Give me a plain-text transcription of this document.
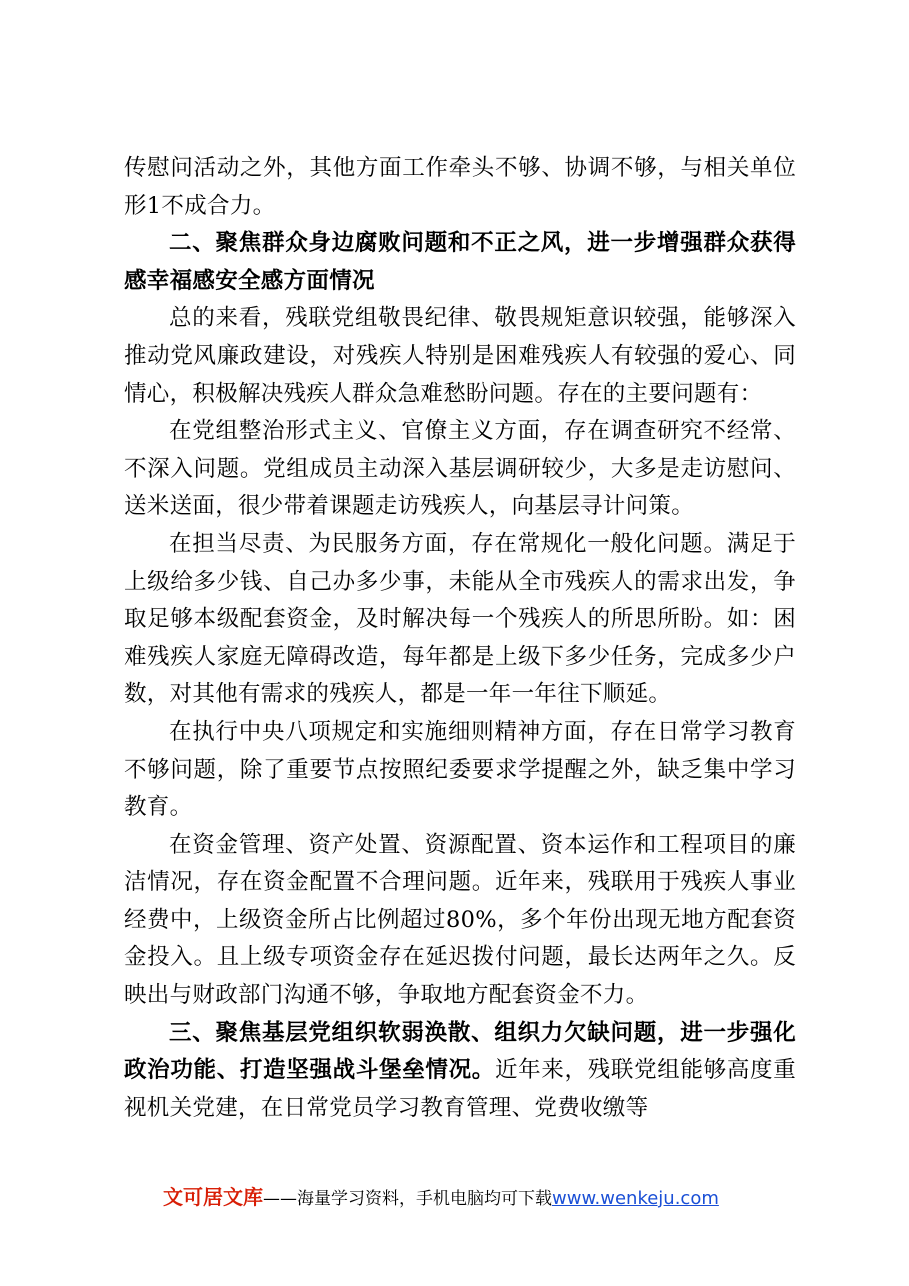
传慰问活动之外，其他方面工作牵头不够、协调不够，与相关单位形1不成合力。

二、聚焦群众身边腐败问题和不正之风，进一步增强群众获得感幸福感安全感方面情况

总的来看，残联党组敬畏纪律、敬畏规矩意识较强，能够深入推动党风廉政建设，对残疾人特别是困难残疾人有较强的爱心、同情心，积极解决残疾人群众急难愁盼问题。存在的主要问题有：

在党组整治形式主义、官僚主义方面，存在调查研究不经常、不深入问题。党组成员主动深入基层调研较少，大多是走访慰问、送米送面，很少带着课题走访残疾人，向基层寻计问策。

在担当尽责、为民服务方面，存在常规化一般化问题。满足于上级给多少钱、自己办多少事，未能从全市残疾人的需求出发，争取足够本级配套资金，及时解决每一个残疾人的所思所盼。如：困难残疾人家庭无障碍改造，每年都是上级下多少任务，完成多少户数，对其他有需求的残疾人，都是一年一年往下顺延。

在执行中央八项规定和实施细则精神方面，存在日常学习教育不够问题，除了重要节点按照纪委要求学提醒之外，缺乏集中学习教育。

在资金管理、资产处置、资源配置、资本运作和工程项目的廉洁情况，存在资金配置不合理问题。近年来，残联用于残疾人事业经费中，上级资金所占比例超过80%，多个年份出现无地方配套资金投入。且上级专项资金存在延迟拨付问题，最长达两年之久。反映出与财政部门沟通不够，争取地方配套资金不力。

三、聚焦基层党组织软弱涣散、组织力欠缺问题，进一步强化政治功能、打造坚强战斗堡垒情况。近年来，残联党组能够高度重视机关党建，在日常党员学习教育管理、党费收缴等

文可居文库——海量学习资料，手机电脑均可下载www.wenkeju.com
